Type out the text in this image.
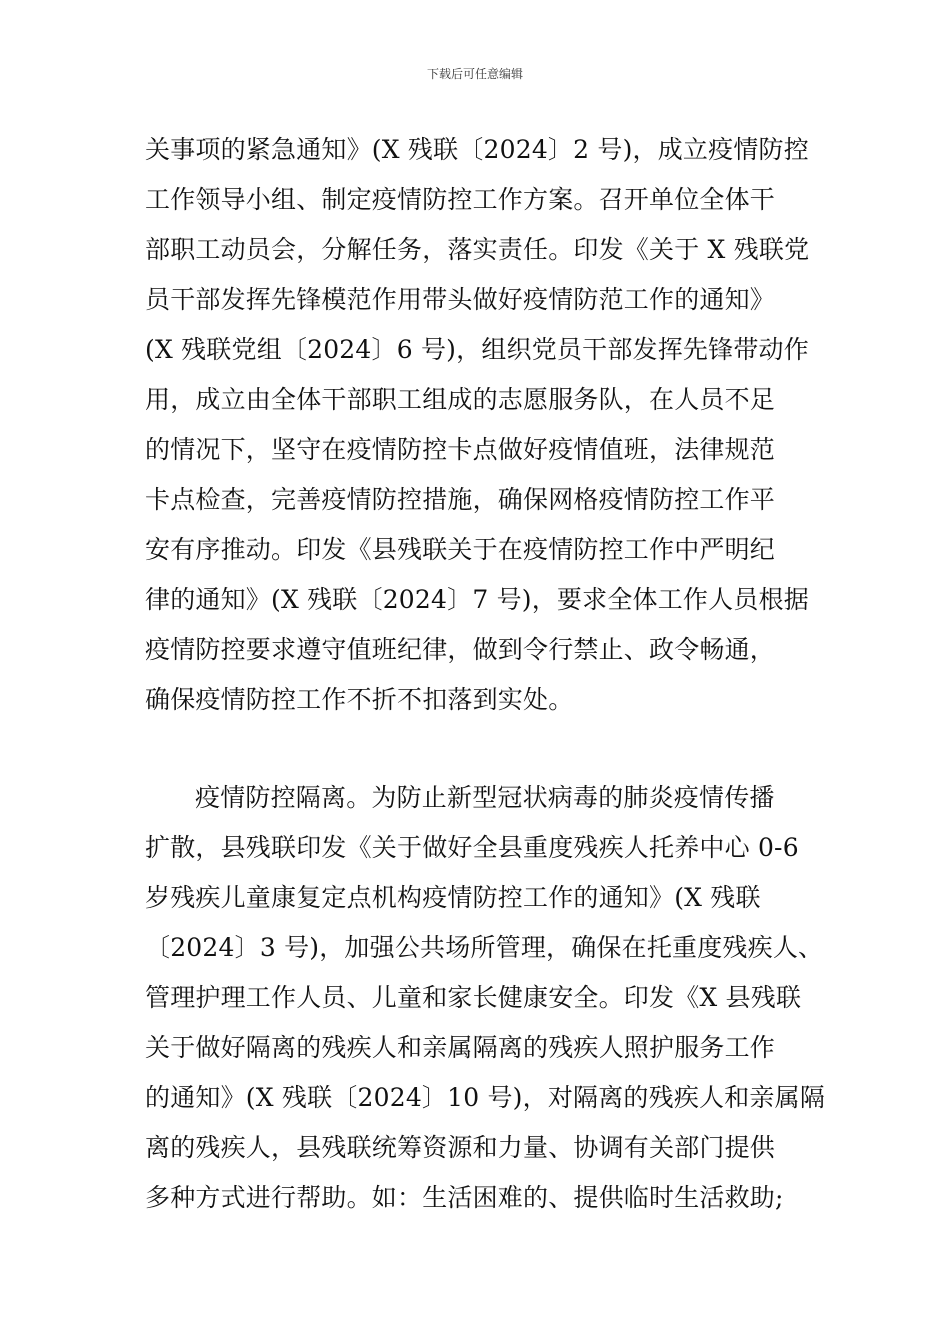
下载后可任意编辑
关事项的紧急通知》(X 残联〔2024〕2 号)，成立疫情防控
工作领导小组、制定疫情防控工作方案。召开单位全体干
部职工动员会，分解任务，落实责任。印发《关于 X 残联党
员干部发挥先锋模范作用带头做好疫情防范工作的通知》
(X 残联党组〔2024〕6 号)，组织党员干部发挥先锋带动作
用，成立由全体干部职工组成的志愿服务队，在人员不足
的情况下，坚守在疫情防控卡点做好疫情值班，法律规范
卡点检查，完善疫情防控措施，确保网格疫情防控工作平
安有序推动。印发《县残联关于在疫情防控工作中严明纪
律的通知》(X 残联〔2024〕7 号)，要求全体工作人员根据
疫情防控要求遵守值班纪律，做到令行禁止、政令畅通，
确保疫情防控工作不折不扣落到实处。
疫情防控隔离。为防止新型冠状病毒的肺炎疫情传播
扩散，县残联印发《关于做好全县重度残疾人托养中心 0-6
岁残疾儿童康复定点机构疫情防控工作的通知》(X 残联
〔2024〕3 号)，加强公共场所管理，确保在托重度残疾人、
管理护理工作人员、儿童和家长健康安全。印发《X 县残联
关于做好隔离的残疾人和亲属隔离的残疾人照护服务工作
的通知》(X 残联〔2024〕10 号)，对隔离的残疾人和亲属隔
离的残疾人，县残联统筹资源和力量、协调有关部门提供
多种方式进行帮助。如：生活困难的、提供临时生活救助;
